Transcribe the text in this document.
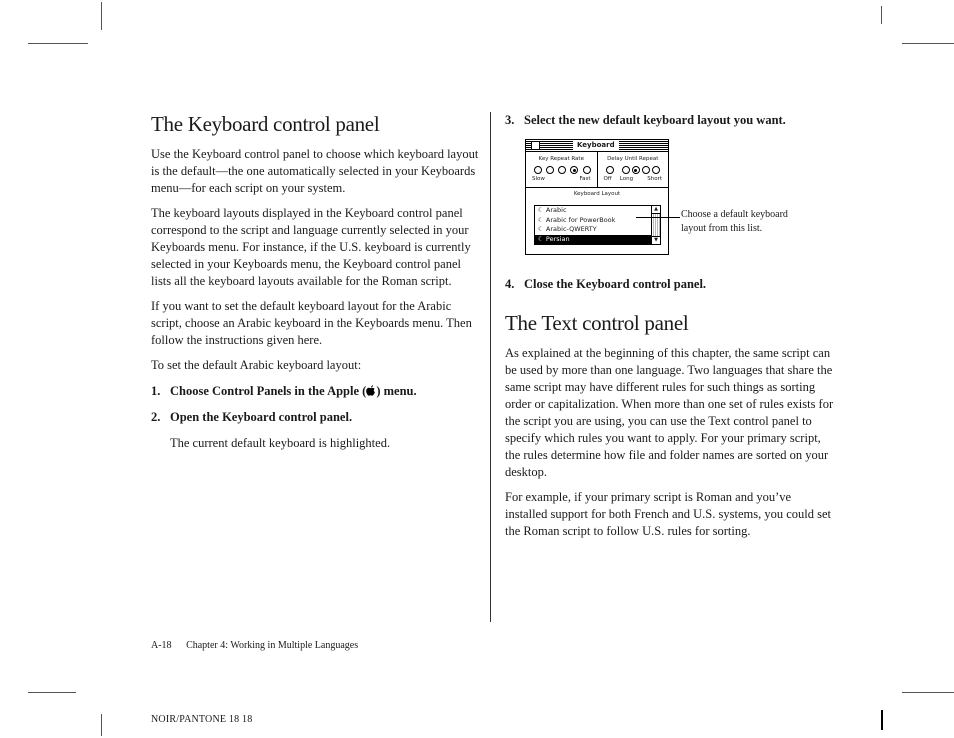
The Keyboard control panel

Use the Keyboard control panel to choose which keyboard layout is the default—the one automatically selected in your Keyboards menu—for each script on your system.

The keyboard layouts displayed in the Keyboard control panel correspond to the script and language currently selected in your Keyboards menu. For instance, if the U.S. keyboard is currently selected in your Keyboards menu, the Keyboard control panel lists all the keyboard layouts available for the Roman script.

If you want to set the default keyboard layout for the Arabic script, choose an Arabic keyboard in the Keyboards menu. Then follow the instructions given here.

To set the default Arabic keyboard layout:

1. Choose Control Panels in the Apple ( ) menu.
2. Open the Keyboard control panel.

The current default keyboard is highlighted.

3. Select the new default keyboard layout you want.
4. Close the Keyboard control panel.
The Text control panel

As explained at the beginning of this chapter, the same script can be used by more than one language. Two languages that share the same script may have different rules for such things as sorting order or capitalization. When more than one set of rules exists for the script you are using, you can use the Text control panel to specify which rules you want to apply. For your primary script, the rules determine how file and folder names are sorted on your desktop.

For example, if your primary script is Roman and you’ve installed support for both French and U.S. systems, you could set the Roman script to follow U.S. rules for sorting.

Keyboard
Key Repeat Rate
Slow	Fast
Delay Until Repeat
Off Long	Short
Keyboard Layout
☾ Arabic
☾ Arabic for PowerBook
☾ Arabic-QWERTY
☾ Persian
▲
▼
Choose a default keyboard layout from this list.
A-18 Chapter 4: Working in Multiple Languages
NOIR/PANTONE 18 18
